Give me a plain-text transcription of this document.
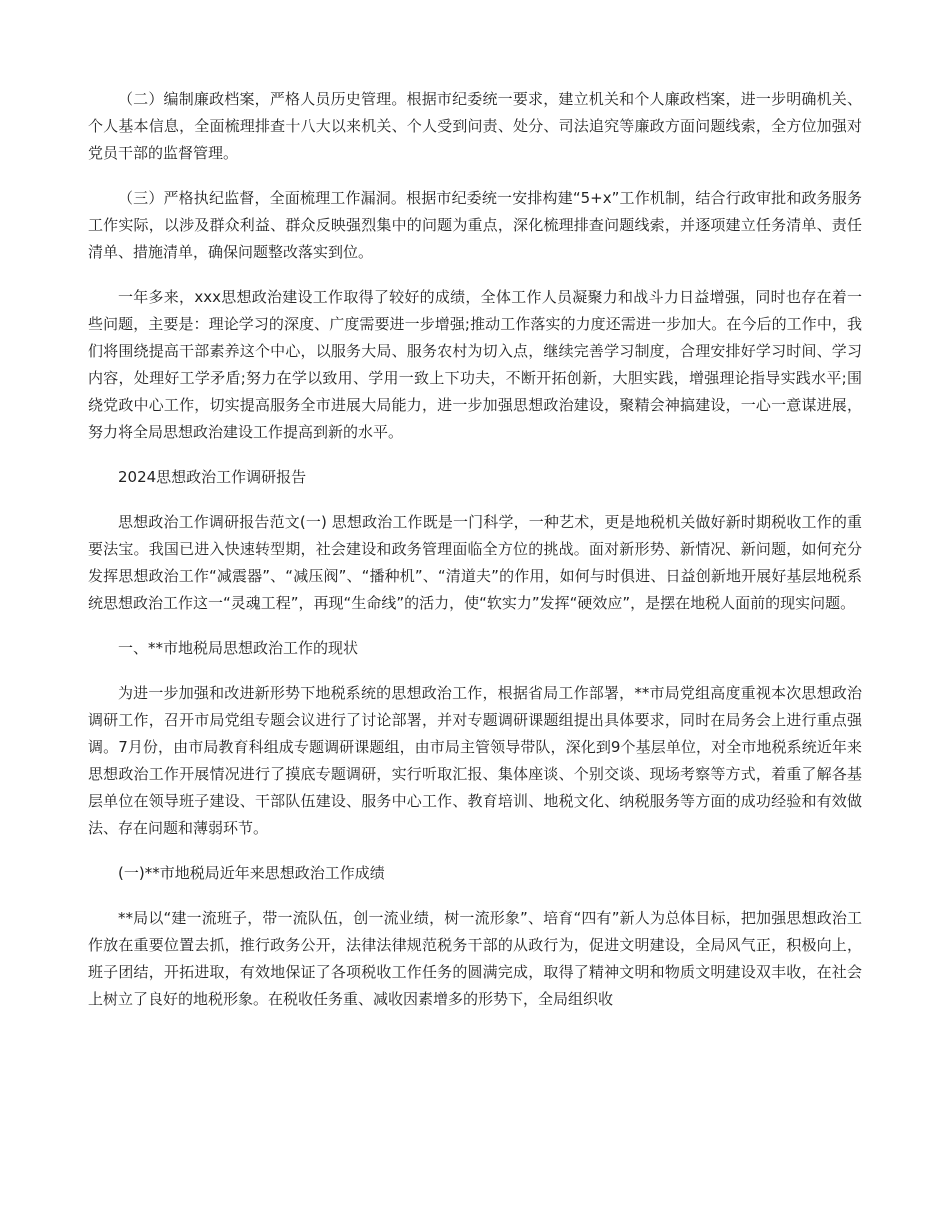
（二）编制廉政档案，严格人员历史管理。根据市纪委统一要求，建立机关和个人廉政档案，进一步明确机关、个人基本信息，全面梳理排查十八大以来机关、个人受到问责、处分、司法追究等廉政方面问题线索，全方位加强对党员干部的监督管理。

（三）严格执纪监督，全面梳理工作漏洞。根据市纪委统一安排构建“5+x”工作机制，结合行政审批和政务服务工作实际，以涉及群众利益、群众反映强烈集中的问题为重点，深化梳理排查问题线索，并逐项建立任务清单、责任清单、措施清单，确保问题整改落实到位。

一年多来，xxx思想政治建设工作取得了较好的成绩，全体工作人员凝聚力和战斗力日益增强，同时也存在着一些问题，主要是：理论学习的深度、广度需要进一步增强;推动工作落实的力度还需进一步加大。在今后的工作中，我们将围绕提高干部素养这个中心，以服务大局、服务农村为切入点，继续完善学习制度，合理安排好学习时间、学习内容，处理好工学矛盾;努力在学以致用、学用一致上下功夫，不断开拓创新，大胆实践，增强理论指导实践水平;围绕党政中心工作，切实提高服务全市进展大局能力，进一步加强思想政治建设，聚精会神搞建设，一心一意谋进展，努力将全局思想政治建设工作提高到新的水平。

2024思想政治工作调研报告

思想政治工作调研报告范文(一) 思想政治工作既是一门科学，一种艺术，更是地税机关做好新时期税收工作的重要法宝。我国已进入快速转型期，社会建设和政务管理面临全方位的挑战。面对新形势、新情况、新问题，如何充分发挥思想政治工作“减震器”、“减压阀”、“播种机”、“清道夫”的作用，如何与时俱进、日益创新地开展好基层地税系统思想政治工作这一“灵魂工程”，再现“生命线”的活力，使“软实力”发挥“硬效应”，是摆在地税人面前的现实问题。

一、**市地税局思想政治工作的现状

为进一步加强和改进新形势下地税系统的思想政治工作，根据省局工作部署，**市局党组高度重视本次思想政治调研工作，召开市局党组专题会议进行了讨论部署，并对专题调研课题组提出具体要求，同时在局务会上进行重点强调。7月份，由市局教育科组成专题调研课题组，由市局主管领导带队，深化到9个基层单位，对全市地税系统近年来思想政治工作开展情况进行了摸底专题调研，实行听取汇报、集体座谈、个别交谈、现场考察等方式，着重了解各基层单位在领导班子建设、干部队伍建设、服务中心工作、教育培训、地税文化、纳税服务等方面的成功经验和有效做法、存在问题和薄弱环节。

(一)**市地税局近年来思想政治工作成绩

**局以“建一流班子，带一流队伍，创一流业绩，树一流形象”、培育“四有”新人为总体目标，把加强思想政治工作放在重要位置去抓，推行政务公开，法律法律规范税务干部的从政行为，促进文明建设，全局风气正，积极向上，班子团结，开拓进取，有效地保证了各项税收工作任务的圆满完成，取得了精神文明和物质文明建设双丰收，在社会上树立了良好的地税形象。在税收任务重、减收因素增多的形势下，全局组织收
